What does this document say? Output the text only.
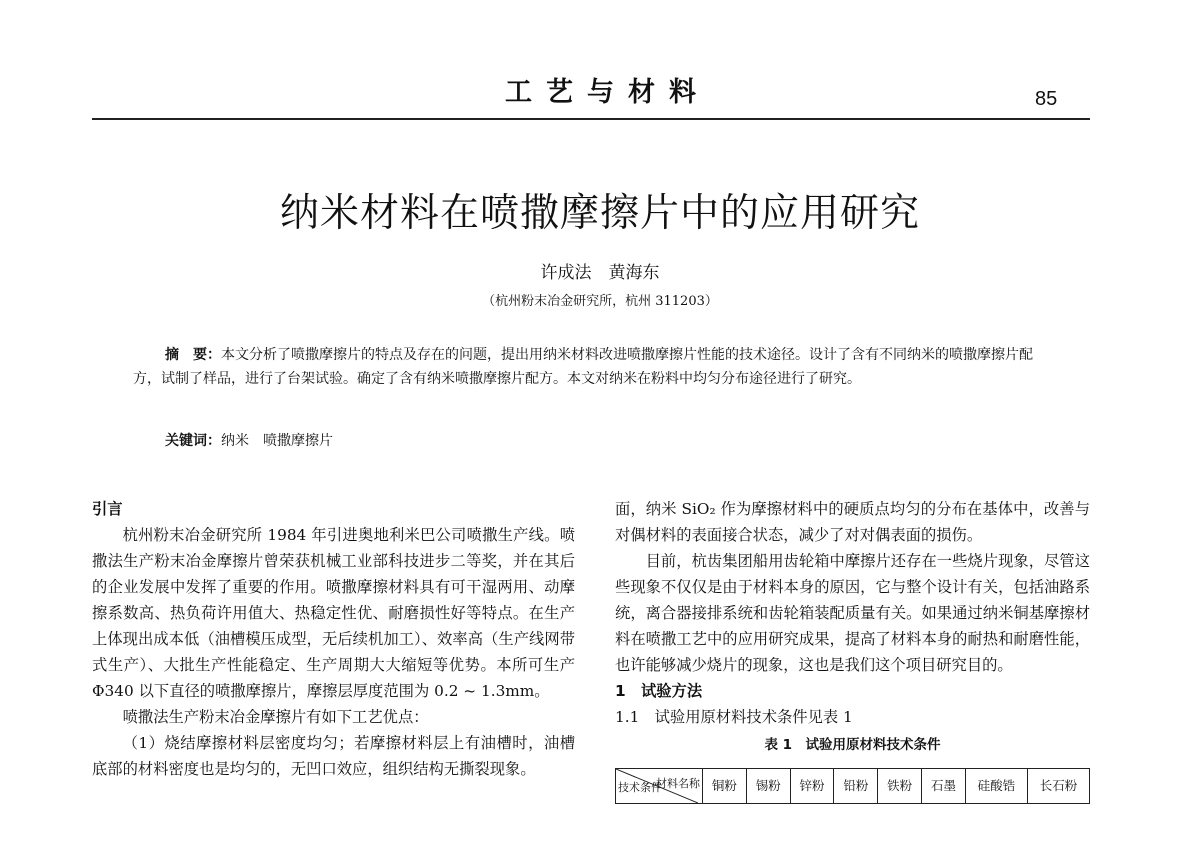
工艺与材料	85
纳米材料在喷撒摩擦片中的应用研究
许成法　黄海东
（杭州粉末冶金研究所，杭州 311203）
摘　要：本文分析了喷撒摩擦片的特点及存在的问题，提出用纳米材料改进喷撒摩擦片性能的技术途径。设计了含有不同纳米的喷撒摩擦片配方，试制了样品，进行了台架试验。确定了含有纳米喷撒摩擦片配方。本文对纳米在粉料中均匀分布途径进行了研究。
关键词：纳米　喷撒摩擦片
引言

杭州粉末冶金研究所 1984 年引进奥地利米巴公司喷撒生产线。喷撒法生产粉末冶金摩擦片曾荣获机械工业部科技进步二等奖，并在其后的企业发展中发挥了重要的作用。喷撒摩擦材料具有可干湿两用、动摩擦系数高、热负荷许用值大、热稳定性优、耐磨损性好等特点。在生产上体现出成本低（油槽模压成型，无后续机加工）、效率高（生产线网带式生产）、大批生产性能稳定、生产周期大大缩短等优势。本所可生产 Φ340 以下直径的喷撒摩擦片，摩擦层厚度范围为 0.2 ~ 1.3mm。

喷撒法生产粉末冶金摩擦片有如下工艺优点：

（1）烧结摩擦材料层密度均匀；若摩擦材料层上有油槽时，油槽底部的材料密度也是均匀的，无凹口效应，组织结构无撕裂现象。

面，纳米 SiO₂ 作为摩擦材料中的硬质点均匀的分布在基体中，改善与对偶材料的表面接合状态，减少了对对偶表面的损伤。

目前，杭齿集团船用齿轮箱中摩擦片还存在一些烧片现象，尽管这些现象不仅仅是由于材料本身的原因，它与整个设计有关，包括油路系统，离合器接排系统和齿轮箱装配质量有关。如果通过纳米铜基摩擦材料在喷撒工艺中的应用研究成果，提高了材料本身的耐热和耐磨性能，也许能够减少烧片的现象，这也是我们这个项目研究目的。

1　试验方法
1.1　试验用原材料技术条件见表 1
表 1　试验用原材料技术条件
材料名称
技术条件	铜粉	锡粉	锌粉	铅粉	铁粉	石墨	硅酸锆	长石粉
